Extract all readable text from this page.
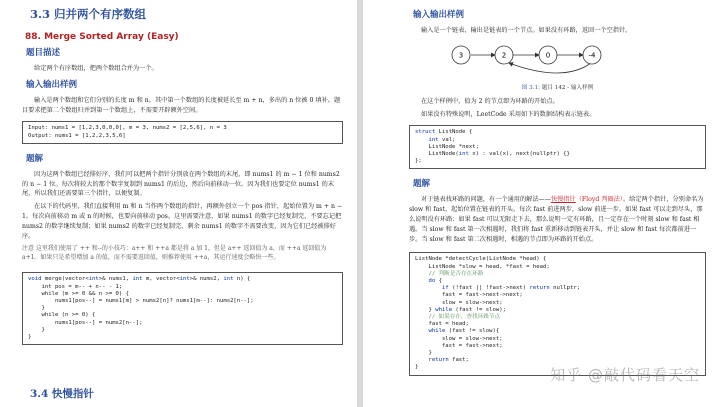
3.3 归并两个有序数组
88. Merge Sorted Array (Easy)
题目描述
给定两个有序数组，把两个数组合并为一个。
输入输出样例
输入是两个数组和它们分别的长度 m 和 n。其中第一个数组的长度被延长至 m + n，多出的 n 位被 0 填补。题目要求把第二个数组归并到第一个数组上，不需要开辟额外空间。
Input: nums1 = [1,2,3,0,0,0], m = 3, nums2 = [2,5,6], n = 3
Output: nums1 = [1,2,2,3,5,6]
题解
因为这两个数组已经排好序，我们可以把两个指针分别放在两个数组的末尾，即 nums1 的 m − 1 位和 nums2 的 n − 1 位。每次将较大的那个数字复制到 nums1 的后边，然后向前移动一位。因为我们也要定位 nums1 的末尾，所以我们还需要第三个指针，以便复制。
在以下的代码里，我们直接利用 m 和 n 当作两个数组的指针，再额外创立一个 pos 指针，起始位置为 m + n − 1。每次向前移动 m 或 n 的时候，也要向前移动 pos。这里需要注意，如果 nums1 的数字已经复制完，不要忘记把 nums2 的数字继续复制；如果 nums2 的数字已经复制完，剩余 nums1 的数字不需要改变，因为它们已经被排好序。
注意 这里我们使用了 ++ 和--的小技巧：a++ 和 ++a 都是将 a 加 1，但是 a++ 返回值为 a，而 ++a 返回值为 a+1。如果只是希望增加 a 的值，而不需要返回值，则推荐使用 ++a，其运行速度会略快一些。
void merge(vector<int>& nums1, int m, vector<int>& nums2, int n) {
int pos = m-- + n-- - 1;
while (m >= 0 && n >= 0) {
nums1[pos--] = nums1[m] > nums2[n]? nums1[m--]: nums2[n--];
}
while (n >= 0) {
nums1[pos--] = nums2[n--];
}
}
3.4 快慢指针
输入输出样例
输入是一个链表，输出是链表的一个节点。如果没有环路，返回一个空指针。
3	2	0	-4
图 3.1: 题目 142 - 输入样例
在这个样例中，值为 2 的节点即为环路的开始点。
如果没有特殊说明，LeetCode 采用如下的数据结构表示链表。
struct ListNode {
int val;
ListNode *next;
ListNode(int x) : val(x), next(nullptr) {}
};
题解
对于链表找环路的问题，有一个通用的解法——快慢指针（Floyd 判圈法）。给定两个指针，分别命名为 slow 和 fast，起始位置在链表的开头。每次 fast 前进两步，slow 前进一步。如果 fast 可以走到尽头，那么说明没有环路；如果 fast 可以无限走下去，那么说明一定有环路，且一定存在一个时刻 slow 和 fast 相遇。当 slow 和 fast 第一次相遇时，我们将 fast 重新移动到链表开头，并让 slow 和 fast 每次都前进一步。当 slow 和 fast 第二次相遇时，相遇的节点即为环路的开始点。
ListNode *detectCycle(ListNode *head) {
ListNode *slow = head, *fast = head;
// 判断是否存在环路
do {
if (!fast || !fast->next) return nullptr;
fast = fast->next->next;
slow = slow->next;
} while (fast != slow);
// 如果存在，查找环路节点
fast = head;
while (fast != slow){
slow = slow->next;
fast = fast->next;
}
return fast;
}	知乎 @敲代码看天空
